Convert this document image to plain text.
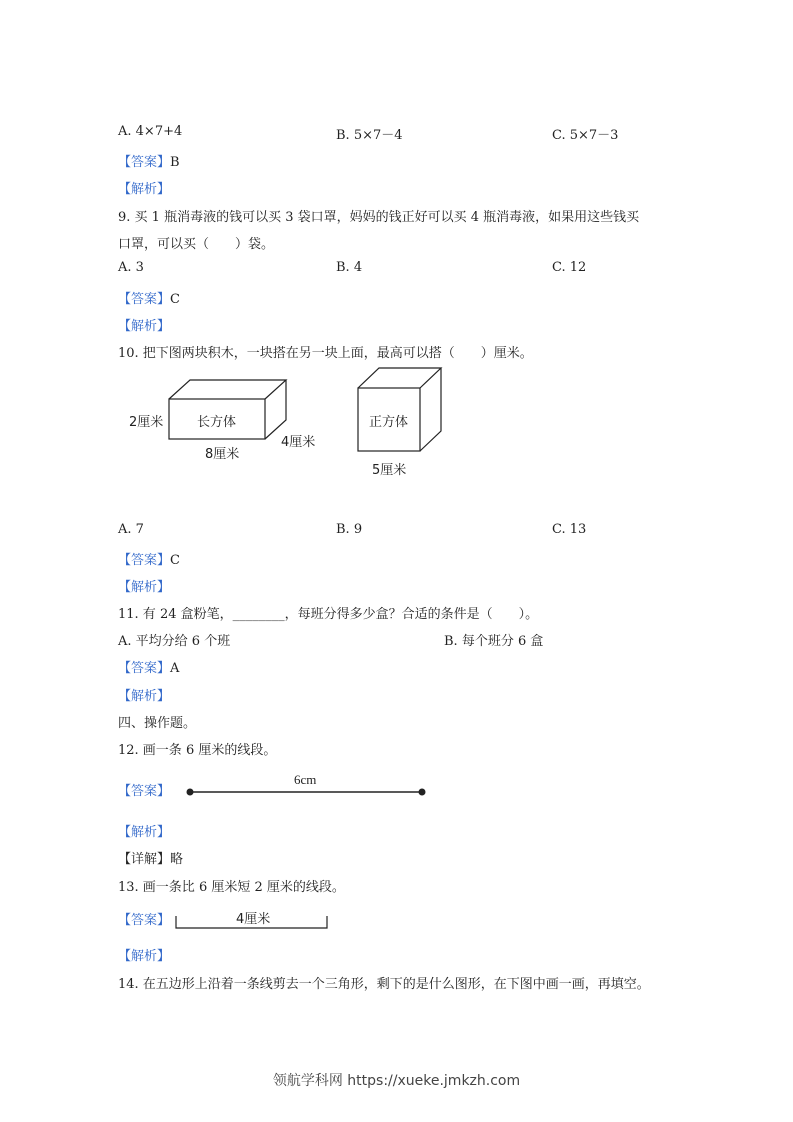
A. 4×7+4	B. 5×7－4	C. 5×7－3
【答案】B
【解析】
9. 买 1 瓶消毒液的钱可以买 3 袋口罩，妈妈的钱正好可以买 4 瓶消毒液，如果用这些钱买
口罩，可以买（　　）袋。
A. 3	B. 4	C. 12
【答案】C
【解析】
10. 把下图两块积木，一块搭在另一块上面，最高可以搭（　　）厘米。
长方体
2厘米
8厘米
4厘米
正方体
5厘米
A. 7	B. 9	C. 13
【答案】C
【解析】
11. 有 24 盒粉笔，________，每班分得多少盒？合适的条件是（　　）。
A. 平均分给 6 个班	B. 每个班分 6 盒
【答案】A
【解析】
四、操作题。
12. 画一条 6 厘米的线段。
【答案】
6cm
【解析】
【详解】略
13. 画一条比 6 厘米短 2 厘米的线段。
【答案】	4厘米
【解析】
14. 在五边形上沿着一条线剪去一个三角形，剩下的是什么图形，在下图中画一画，再填空。
领航学科网 https://xueke.jmkzh.com
